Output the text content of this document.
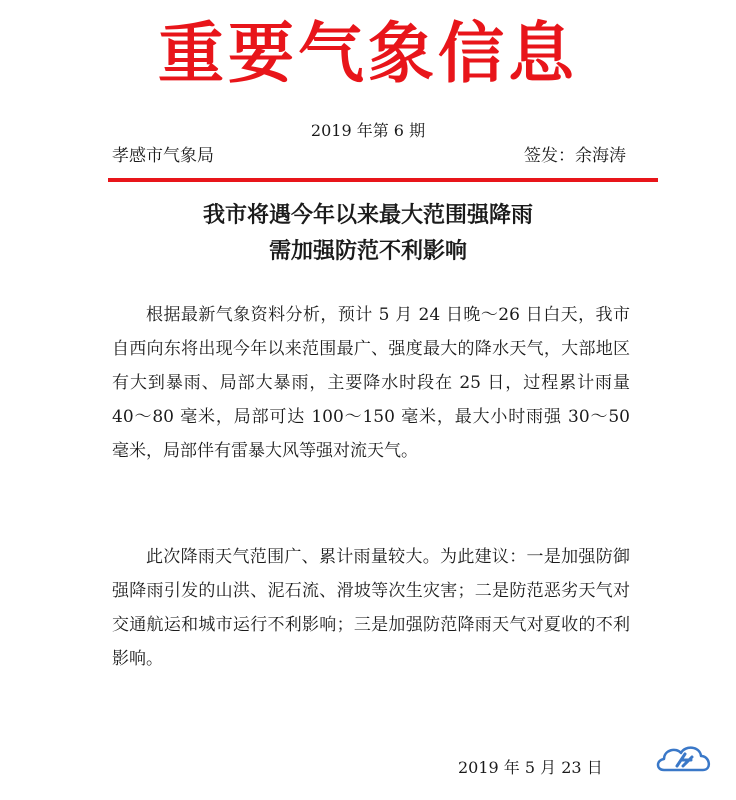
重要气象信息
2019 年第 6 期
孝感市气象局	签发：余海涛
我市将遇今年以来最大范围强降雨
需加强防范不利影响

根据最新气象资料分析，预计 5 月 24 日晚～26 日白天，我市自西向东将出现今年以来范围最广、强度最大的降水天气，大部地区有大到暴雨、局部大暴雨，主要降水时段在 25 日，过程累计雨量 40～80 毫米，局部可达 100～150 毫米，最大小时雨强 30～50 毫米，局部伴有雷暴大风等强对流天气。

此次降雨天气范围广、累计雨量较大。为此建议：一是加强防御强降雨引发的山洪、泥石流、滑坡等次生灾害；二是防范恶劣天气对交通航运和城市运行不利影响；三是加强防范降雨天气对夏收的不利影响。

2019 年 5 月 23 日
